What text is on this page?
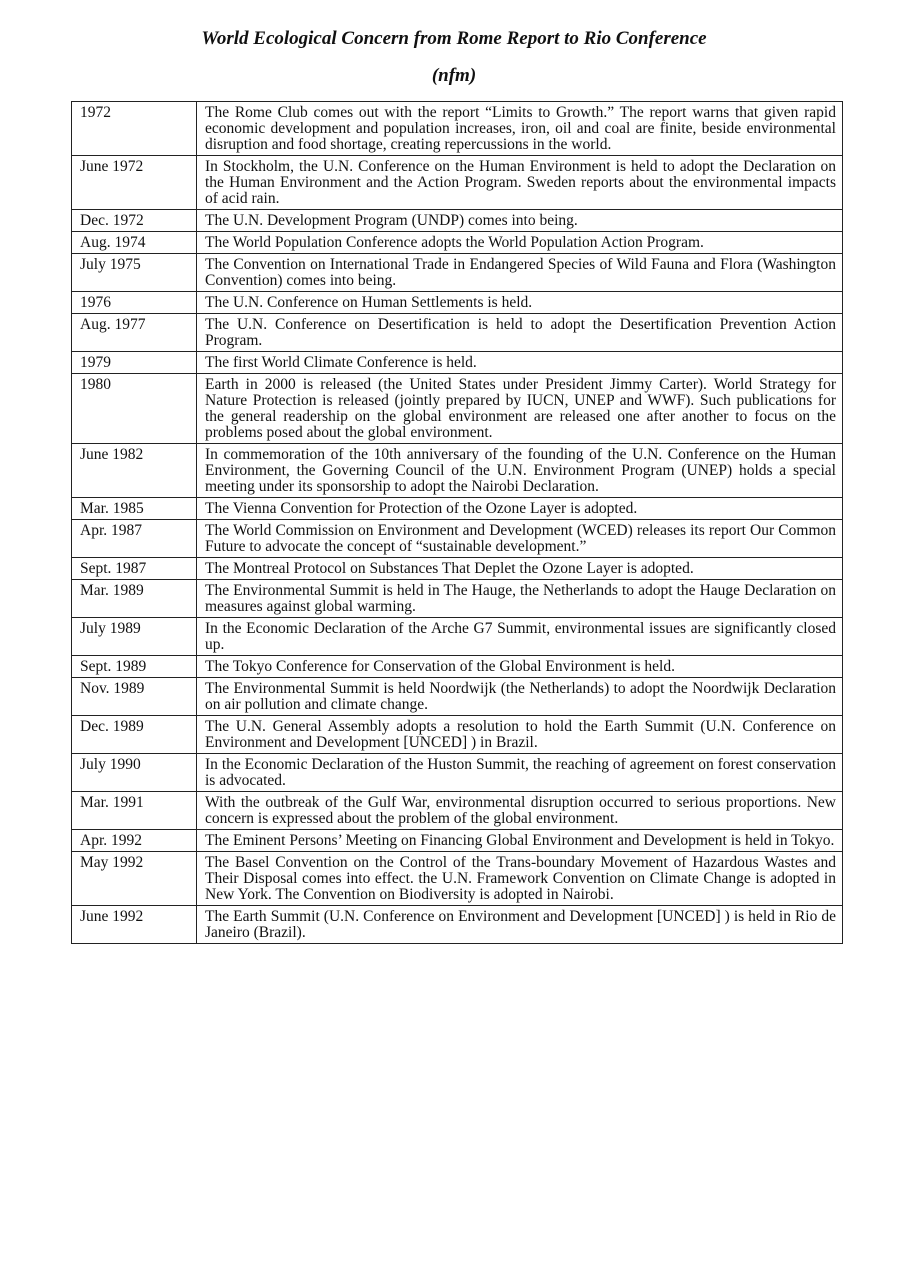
World Ecological Concern from Rome Report to Rio Conference
(nfm)
1972	The Rome Club comes out with the report “Limits to Growth.” The report warns that given rapid economic development and population increases, iron, oil and coal are finite, beside environmental disruption and food shortage, creating repercussions in the world.
June 1972	In Stockholm, the U.N. Conference on the Human Environment is held to adopt the Declaration on the Human Environment and the Action Program. Sweden reports about the environmental impacts of acid rain.
Dec. 1972	The U.N. Development Program (UNDP) comes into being.
Aug. 1974	The World Population Conference adopts the World Population Action Program.
July 1975	The Convention on International Trade in Endangered Species of Wild Fauna and Flora (Washington Convention) comes into being.
1976	The U.N. Conference on Human Settlements is held.
Aug. 1977	The U.N. Conference on Desertification is held to adopt the Desertification Prevention Action Program.
1979	The first World Climate Conference is held.
1980	Earth in 2000 is released (the United States under President Jimmy Carter). World Strategy for Nature Protection is released (jointly prepared by IUCN, UNEP and WWF). Such publications for the general readership on the global environment are released one after another to focus on the problems posed about the global environment.
June 1982	In commemoration of the 10th anniversary of the founding of the U.N. Conference on the Human Environment, the Governing Council of the U.N. Environment Program (UNEP) holds a special meeting under its sponsorship to adopt the Nairobi Declaration.
Mar. 1985	The Vienna Convention for Protection of the Ozone Layer is adopted.
Apr. 1987	The World Commission on Environment and Development (WCED) releases its report Our Common Future to advocate the concept of “sustainable development.”
Sept. 1987	The Montreal Protocol on Substances That Deplet the Ozone Layer is adopted.
Mar. 1989	The Environmental Summit is held in The Hauge, the Netherlands to adopt the Hauge Declaration on measures against global warming.
July 1989	In the Economic Declaration of the Arche G7 Summit, environmental issues are significantly closed up.
Sept. 1989	The Tokyo Conference for Conservation of the Global Environment is held.
Nov. 1989	The Environmental Summit is held Noordwijk (the Netherlands) to adopt the Noordwijk Declaration on air pollution and climate change.
Dec. 1989	The U.N. General Assembly adopts a resolution to hold the Earth Summit (U.N. Conference on Environment and Development [UNCED] ) in Brazil.
July 1990	In the Economic Declaration of the Huston Summit, the reaching of agreement on forest conservation is advocated.
Mar. 1991	With the outbreak of the Gulf War, environmental disruption occurred to serious proportions. New concern is expressed about the problem of the global environment.
Apr. 1992	The Eminent Persons’ Meeting on Financing Global Environment and Development is held in Tokyo.
May 1992	The Basel Convention on the Control of the Trans-boundary Movement of Hazardous Wastes and Their Disposal comes into effect. the U.N. Framework Convention on Climate Change is adopted in New York. The Convention on Biodiversity is adopted in Nairobi.
June 1992	The Earth Summit (U.N. Conference on Environment and Development [UNCED] ) is held in Rio de Janeiro (Brazil).
